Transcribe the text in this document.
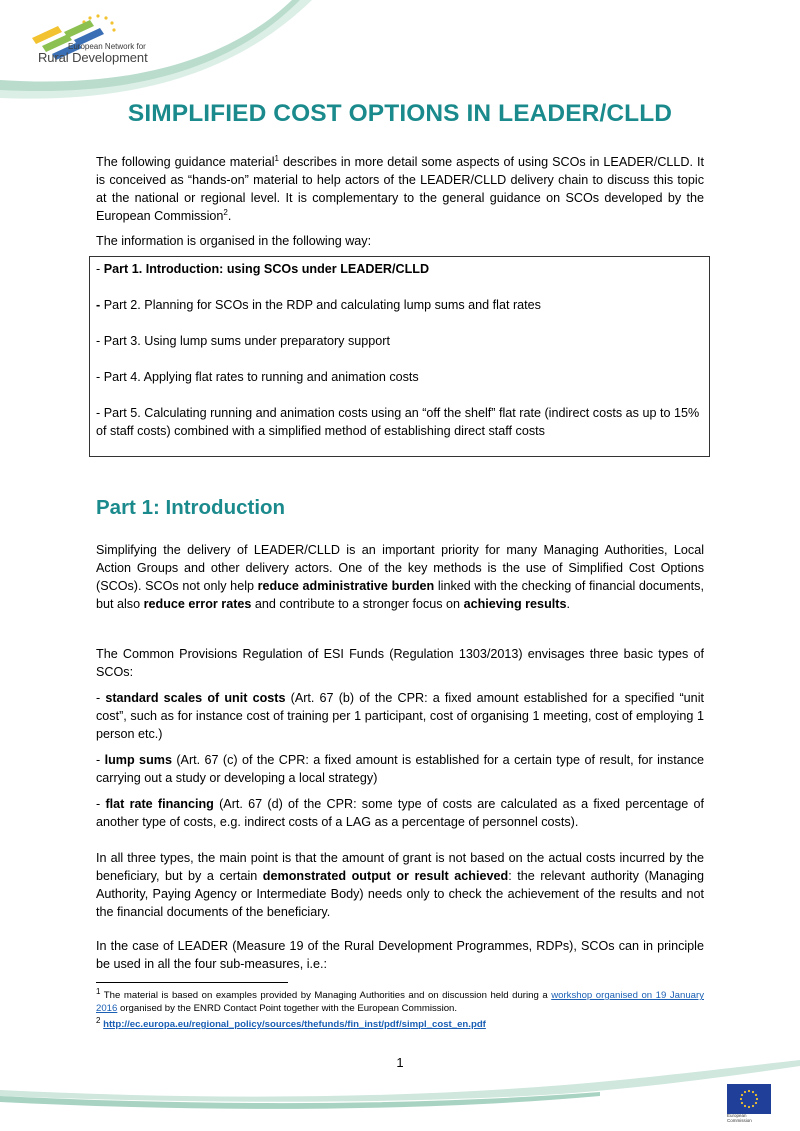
European Network for
Rural Development
SIMPLIFIED COST OPTIONS IN LEADER/CLLD

The following guidance material$^1$ describes in more detail some aspects of using SCOs in LEADER/CLLD. It is conceived as “hands-on” material to help actors of the LEADER/CLLD delivery chain to discuss this topic at the national or regional level. It is complementary to the general guidance on SCOs developed by the European Commission$^2$.

The information is organised in the following way:

- Part 1. Introduction: using SCOs under LEADER/CLLD

- Part 2. Planning for SCOs in the RDP and calculating lump sums and flat rates

- Part 3. Using lump sums under preparatory support

- Part 4. Applying flat rates to running and animation costs

- Part 5. Calculating running and animation costs using an “off the shelf” flat rate (indirect costs as up to 15% of staff costs) combined with a simplified method of establishing direct staff costs

Part 1: Introduction

Simplifying the delivery of LEADER/CLLD is an important priority for many Managing Authorities, Local Action Groups and other delivery actors. One of the key methods is the use of Simplified Cost Options (SCOs). SCOs not only help reduce administrative burden linked with the checking of financial documents, but also reduce error rates and contribute to a stronger focus on achieving results.

The Common Provisions Regulation of ESI Funds (Regulation 1303/2013) envisages three basic types of SCOs:

- standard scales of unit costs (Art. 67 (b) of the CPR: a fixed amount established for a specified “unit cost”, such as for instance cost of training per 1 participant, cost of organising 1 meeting, cost of employing 1 person etc.)

- lump sums (Art. 67 (c) of the CPR: a fixed amount is established for a certain type of result, for instance carrying out a study or developing a local strategy)

- flat rate financing (Art. 67 (d) of the CPR: some type of costs are calculated as a fixed percentage of another type of costs, e.g. indirect costs of a LAG as a percentage of personnel costs).

In all three types, the main point is that the amount of grant is not based on the actual costs incurred by the beneficiary, but by a certain demonstrated output or result achieved: the relevant authority (Managing Authority, Paying Agency or Intermediate Body) needs only to check the achievement of the results and not the financial documents of the beneficiary.

In the case of LEADER (Measure 19 of the Rural Development Programmes, RDPs), SCOs can in principle be used in all the four sub-measures, i.e.:

$^1$ The material is based on examples provided by Managing Authorities and on discussion held during a workshop organised on 19 January 2016 organised by the ENRD Contact Point together with the European Commission.

$^2$ http://ec.europa.eu/regional_policy/sources/thefunds/fin_inst/pdf/simpl_cost_en.pdf

1
European
Commission
